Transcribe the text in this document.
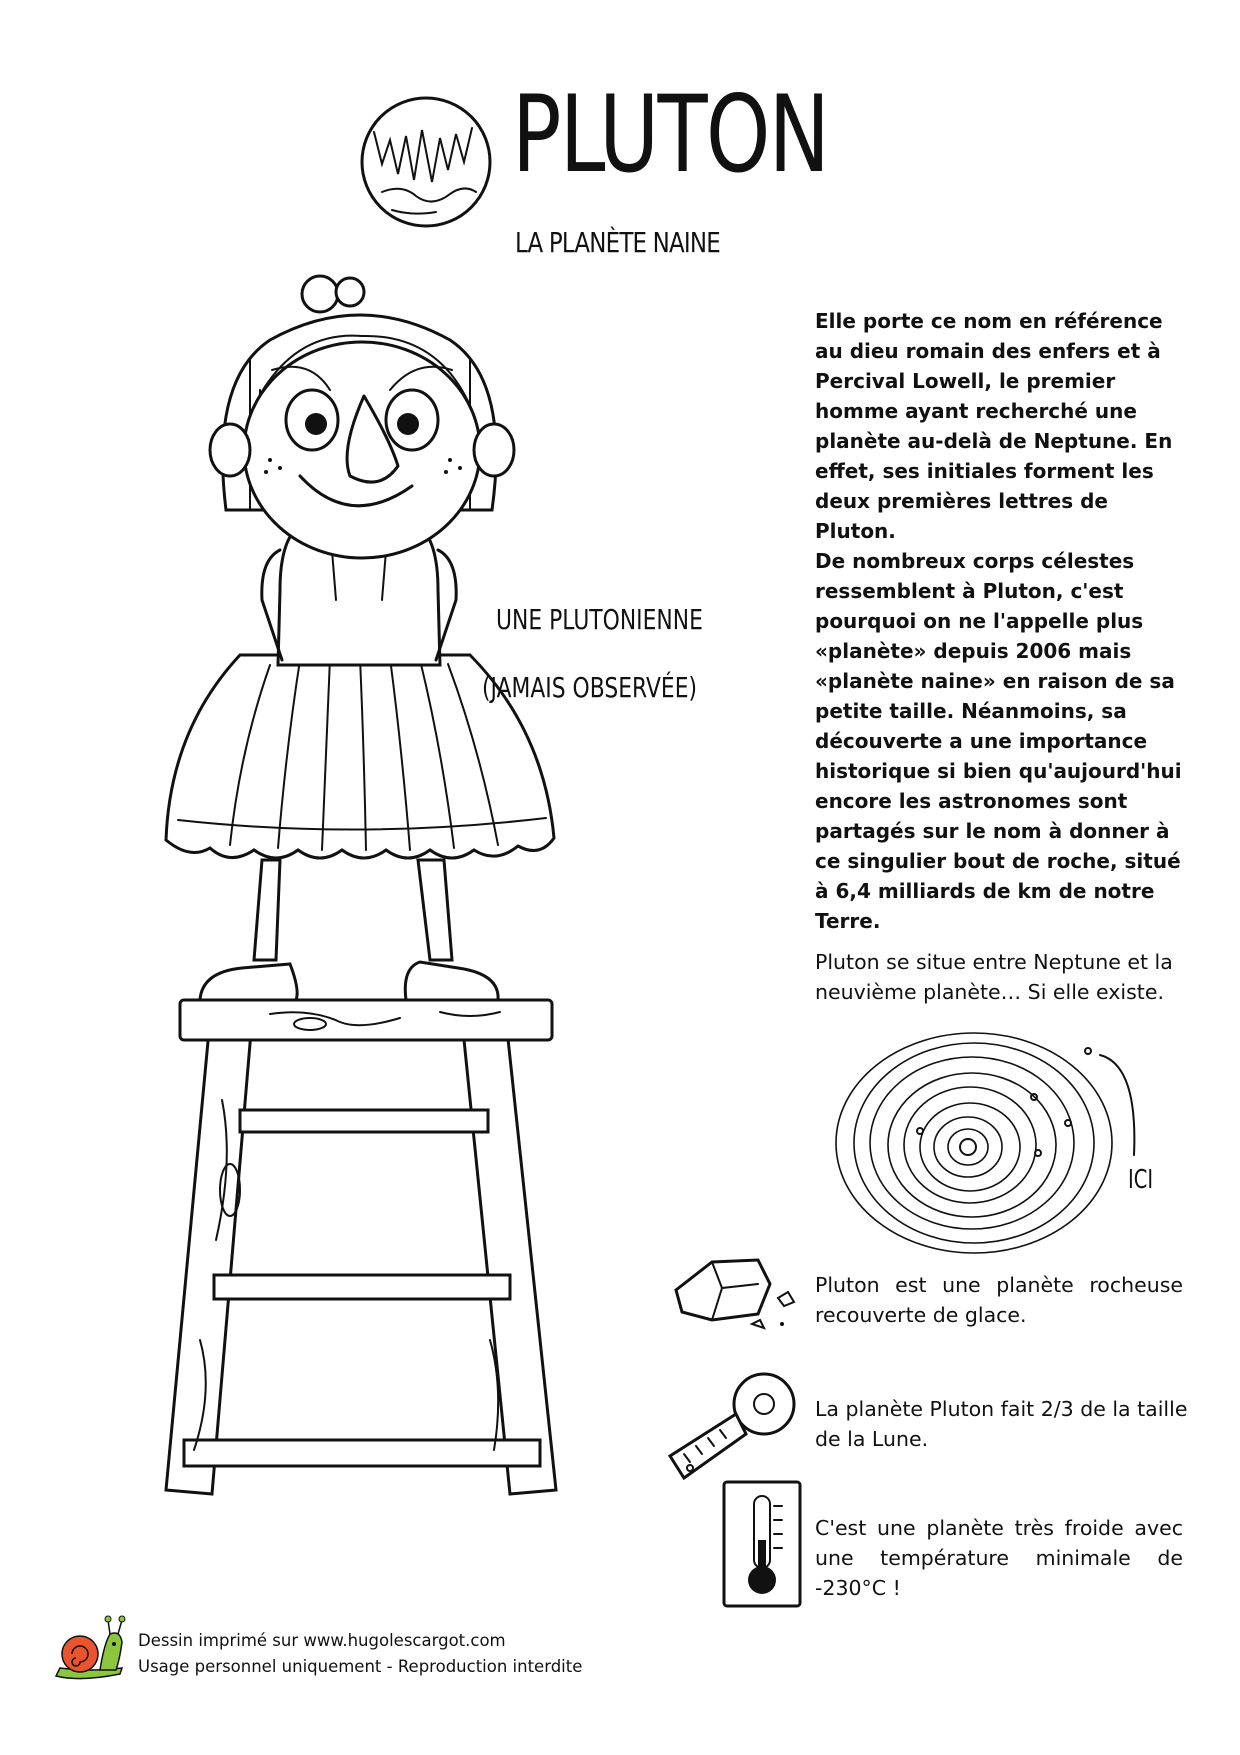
PLUTON
LA PLANÈTE NAINE
UNE PLUTONIENNE
(JAMAIS OBSERVÉE)

Elle porte ce nom en référence au dieu romain des enfers et à Percival Lowell, le premier homme ayant recherché une planète au-delà de Neptune. En effet, ses initiales forment les deux premières lettres de Pluton.

De nombreux corps célestes ressemblent à Pluton, c'est pourquoi on ne l'appelle plus «planète» depuis 2006 mais «planète naine» en raison de sa petite taille. Néanmoins, sa découverte a une importance historique si bien qu'aujourd'hui encore les astronomes sont partagés sur le nom à donner à ce singulier bout de roche, situé à 6,4 milliards de km de notre Terre.

Pluton se situe entre Neptune et la neuvième planète… Si elle existe.
ICI
Pluton est une planète rocheuse recouverte de glace.
La planète Pluton fait 2/3 de la taille de la Lune.
C'est une planète très froide avec une température minimale de -230°C !
Dessin imprimé sur www.hugolescargot.com
Usage personnel uniquement - Reproduction interdite
